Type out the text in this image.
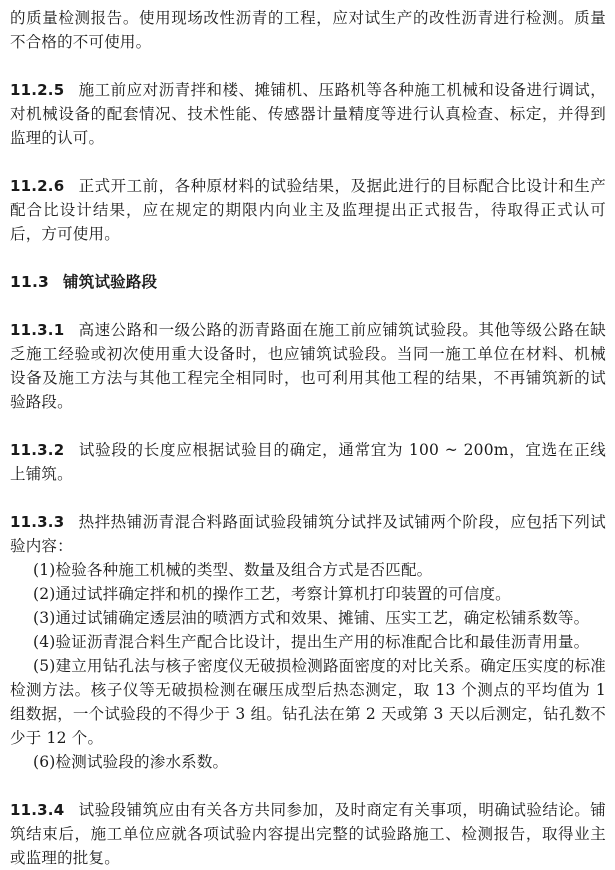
的质量检测报告。使用现场改性沥青的工程，应对试生产的改性沥青进行检测。质量不合格的不可使用。

11.2.5 施工前应对沥青拌和楼、摊铺机、压路机等各种施工机械和设备进行调试，对机械设备的配套情况、技术性能、传感器计量精度等进行认真检查、标定，并得到监理的认可。

11.2.6 正式开工前，各种原材料的试验结果，及据此进行的目标配合比设计和生产配合比设计结果，应在规定的期限内向业主及监理提出正式报告，待取得正式认可后，方可使用。

11.3 铺筑试验路段

11.3.1 高速公路和一级公路的沥青路面在施工前应铺筑试验段。其他等级公路在缺乏施工经验或初次使用重大设备时，也应铺筑试验段。当同一施工单位在材料、机械设备及施工方法与其他工程完全相同时，也可利用其他工程的结果，不再铺筑新的试验路段。

11.3.2 试验段的长度应根据试验目的确定，通常宜为 100 ~ 200m，宜选在正线上铺筑。

11.3.3 热拌热铺沥青混合料路面试验段铺筑分试拌及试铺两个阶段，应包括下列试验内容：

(1)检验各种施工机械的类型、数量及组合方式是否匹配。

(2)通过试拌确定拌和机的操作工艺，考察计算机打印装置的可信度。

(3)通过试铺确定透层油的喷洒方式和效果、摊铺、压实工艺，确定松铺系数等。

(4)验证沥青混合料生产配合比设计，提出生产用的标准配合比和最佳沥青用量。

(5)建立用钻孔法与核子密度仪无破损检测路面密度的对比关系。确定压实度的标准检测方法。核子仪等无破损检测在碾压成型后热态测定，取 13 个测点的平均值为 1 组数据，一个试验段的不得少于 3 组。钻孔法在第 2 天或第 3 天以后测定，钻孔数不少于 12 个。

(6)检测试验段的渗水系数。

11.3.4 试验段铺筑应由有关各方共同参加，及时商定有关事项，明确试验结论。铺筑结束后，施工单位应就各项试验内容提出完整的试验路施工、检测报告，取得业主或监理的批复。
